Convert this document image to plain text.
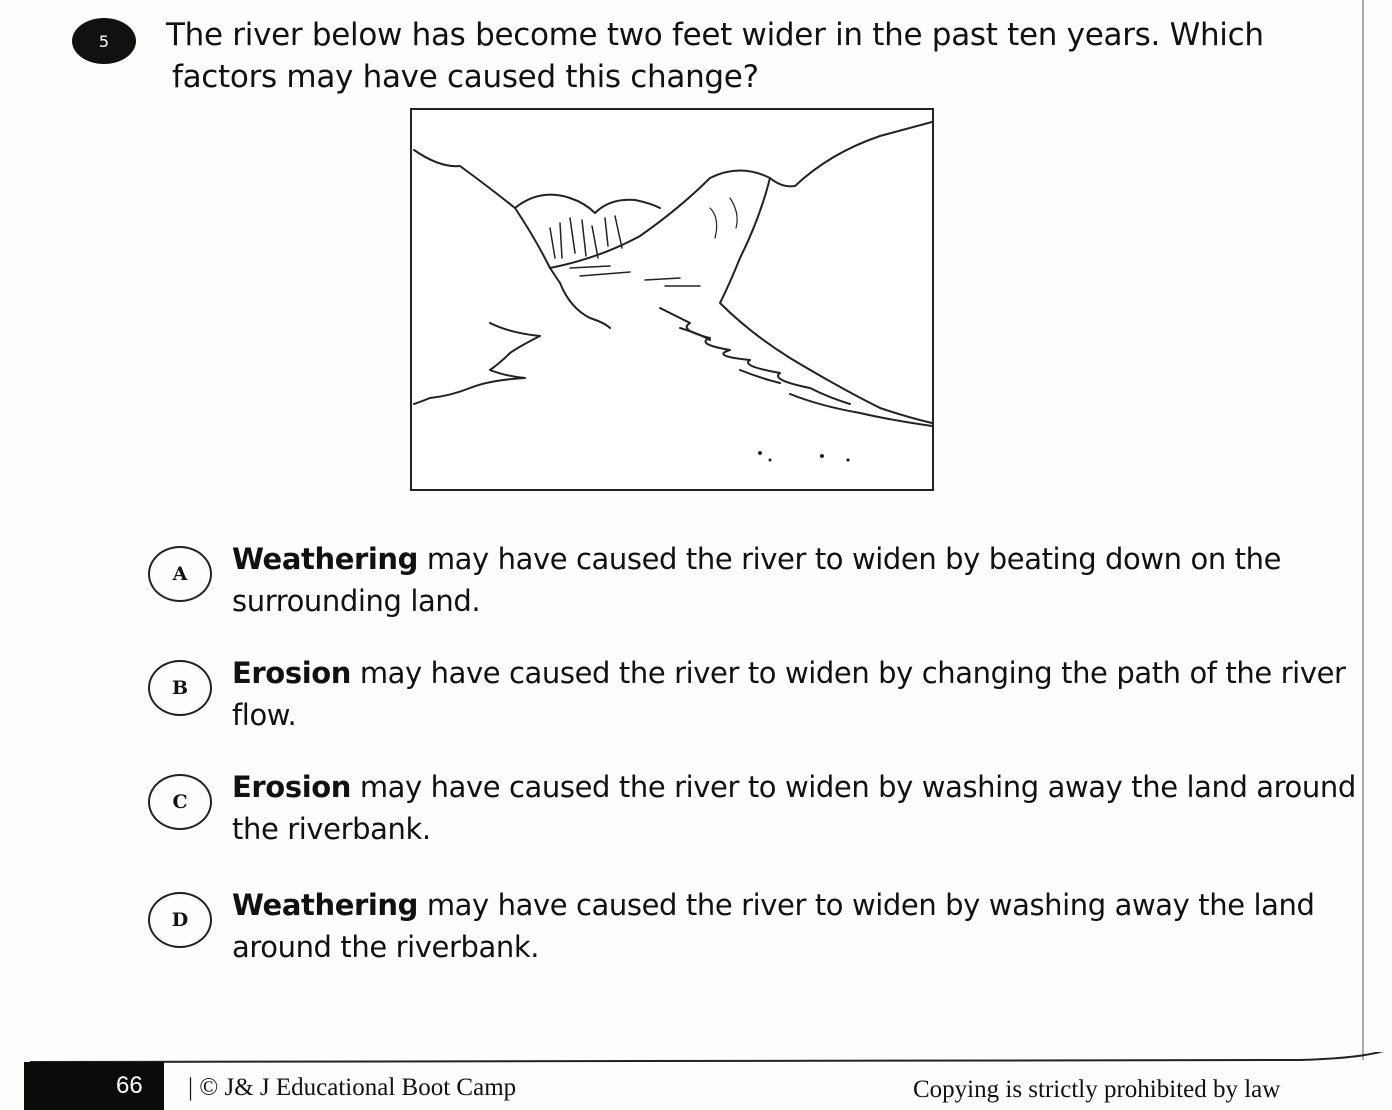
5	The river below has become two feet wider in the past ten years. Which
factors may have caused this change?
A	Weathering may have caused the river to widen by beating down on the surrounding land.
B	Erosion may have caused the river to widen by changing the path of the river flow.
C	Erosion may have caused the river to widen by washing away the land around the riverbank.
D	Weathering may have caused the river to widen by washing away the land around the riverbank.
66 | © J& J Educational Boot Camp	Copying is strictly prohibited by law
